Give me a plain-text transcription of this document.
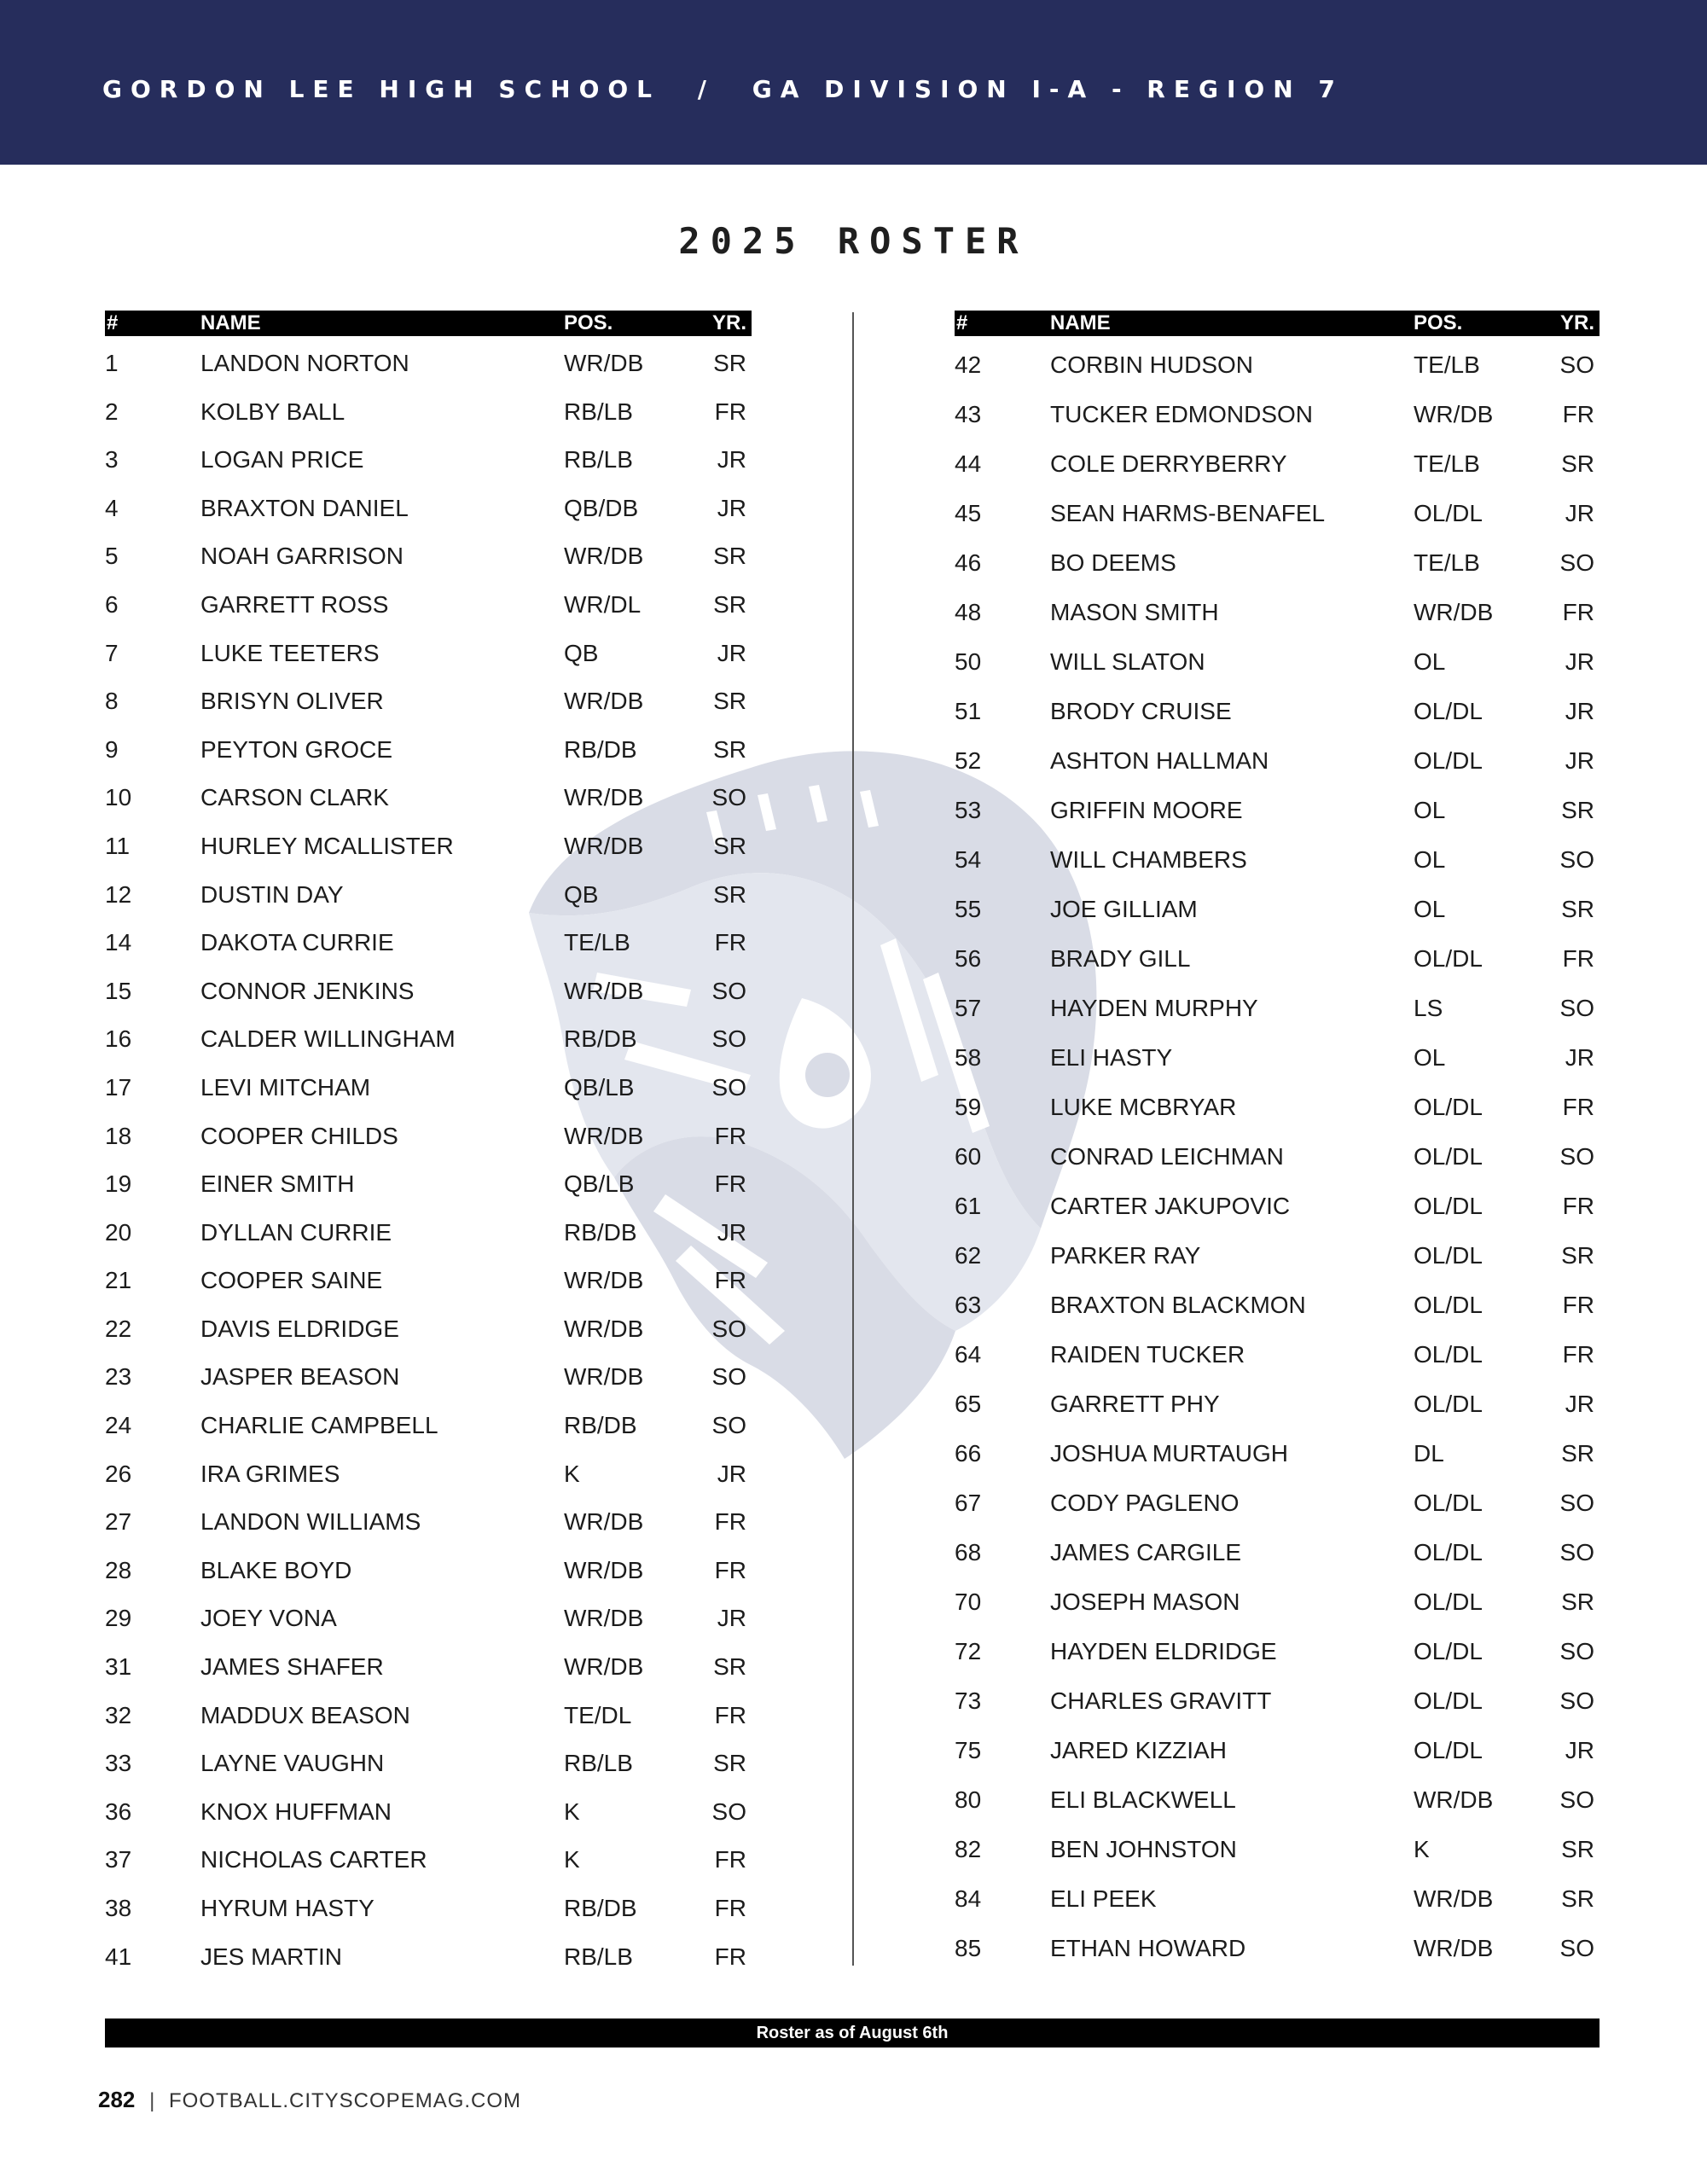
GORDON LEE HIGH SCHOOL / GA DIVISION I-A - REGION 7
2025 ROSTER
#	NAME	POS.	YR.
1	LANDON NORTON	WR/DB	SR
2	KOLBY BALL	RB/LB	FR
3	LOGAN PRICE	RB/LB	JR
4	BRAXTON DANIEL	QB/DB	JR
5	NOAH GARRISON	WR/DB	SR
6	GARRETT ROSS	WR/DL	SR
7	LUKE TEETERS	QB	JR
8	BRISYN OLIVER	WR/DB	SR
9	PEYTON GROCE	RB/DB	SR
10	CARSON CLARK	WR/DB	SO
11	HURLEY MCALLISTER	WR/DB	SR
12	DUSTIN DAY	QB	SR
14	DAKOTA CURRIE	TE/LB	FR
15	CONNOR JENKINS	WR/DB	SO
16	CALDER WILLINGHAM	RB/DB	SO
17	LEVI MITCHAM	QB/LB	SO
18	COOPER CHILDS	WR/DB	FR
19	EINER SMITH	QB/LB	FR
20	DYLLAN CURRIE	RB/DB	JR
21	COOPER SAINE	WR/DB	FR
22	DAVIS ELDRIDGE	WR/DB	SO
23	JASPER BEASON	WR/DB	SO
24	CHARLIE CAMPBELL	RB/DB	SO
26	IRA GRIMES	K	JR
27	LANDON WILLIAMS	WR/DB	FR
28	BLAKE BOYD	WR/DB	FR
29	JOEY VONA	WR/DB	JR
31	JAMES SHAFER	WR/DB	SR
32	MADDUX BEASON	TE/DL	FR
33	LAYNE VAUGHN	RB/LB	SR
36	KNOX HUFFMAN	K	SO
37	NICHOLAS CARTER	K	FR
38	HYRUM HASTY	RB/DB	FR
41	JES MARTIN	RB/LB	FR
#	NAME	POS.	YR.
42	CORBIN HUDSON	TE/LB	SO
43	TUCKER EDMONDSON	WR/DB	FR
44	COLE DERRYBERRY	TE/LB	SR
45	SEAN HARMS-BENAFEL	OL/DL	JR
46	BO DEEMS	TE/LB	SO
48	MASON SMITH	WR/DB	FR
50	WILL SLATON	OL	JR
51	BRODY CRUISE	OL/DL	JR
52	ASHTON HALLMAN	OL/DL	JR
53	GRIFFIN MOORE	OL	SR
54	WILL CHAMBERS	OL	SO
55	JOE GILLIAM	OL	SR
56	BRADY GILL	OL/DL	FR
57	HAYDEN MURPHY	LS	SO
58	ELI HASTY	OL	JR
59	LUKE MCBRYAR	OL/DL	FR
60	CONRAD LEICHMAN	OL/DL	SO
61	CARTER JAKUPOVIC	OL/DL	FR
62	PARKER RAY	OL/DL	SR
63	BRAXTON BLACKMON	OL/DL	FR
64	RAIDEN TUCKER	OL/DL	FR
65	GARRETT PHY	OL/DL	JR
66	JOSHUA MURTAUGH	DL	SR
67	CODY PAGLENO	OL/DL	SO
68	JAMES CARGILE	OL/DL	SO
70	JOSEPH MASON	OL/DL	SR
72	HAYDEN ELDRIDGE	OL/DL	SO
73	CHARLES GRAVITT	OL/DL	SO
75	JARED KIZZIAH	OL/DL	JR
80	ELI BLACKWELL	WR/DB	SO
82	BEN JOHNSTON	K	SR
84	ELI PEEK	WR/DB	SR
85	ETHAN HOWARD	WR/DB	SO
Roster as of August 6th
282 | FOOTBALL.CITYSCOPEMAG.COM
